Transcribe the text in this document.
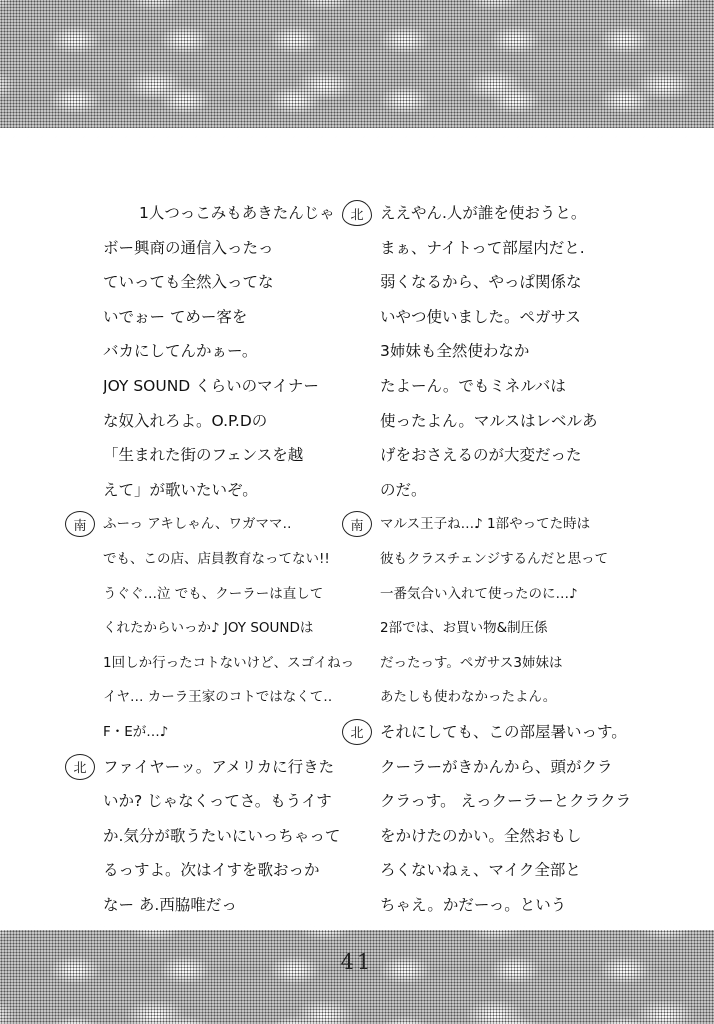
41
1人つっこみもあきたんじゃ
ボー興商の通信入ったっ
ていっても全然入ってな
いでぉー てめー客を
バカにしてんかぁー。
JOY SOUND くらいのマイナー
な奴入れろよ。O.P.Dの
「生まれた街のフェンスを越
えて」が歌いたいぞ。
南	ふーっ アキしゃん、ワガママ‥
でも、この店、店員教育なってない!!
うぐぐ…泣 でも、クーラーは直して
くれたからいっか♪ JOY SOUNDは
1回しか行ったコトないけど、スゴイねっ
イヤ… カーラ王家のコトではなくて‥
F・Eが…♪
北	ファイヤーッ。アメリカに行きた
いか? じゃなくってさ。もうイす
か.気分が歌うたいにいっちゃって
るっすよ。次はイすを歌おっか
なー あ.西脇唯だっ
北	ええやん.人が誰を使おうと。
まぁ、ナイトって部屋内だと.
弱くなるから、やっぱ関係な
いやつ使いました。ペガサス
3姉妹も全然使わなか
たよーん。でもミネルバは
使ったよん。マルスはレベルあ
げをおさえるのが大変だった
のだ。
南	マルス王子ね…♪ 1部やってた時は
彼もクラスチェンジするんだと思って
一番気合い入れて使ったのに…♪
2部では、お買い物&制圧係
だったっす。ペガサス3姉妹は
あたしも使わなかったよん。
北	それにしても、この部屋暑いっす。
クーラーがきかんから、頭がクラ
クラっす。 えっクーラーとクラクラ
をかけたのかい。全然おもし
ろくないねぇ、マイク全部と
ちゃえ。かだーっ。という
